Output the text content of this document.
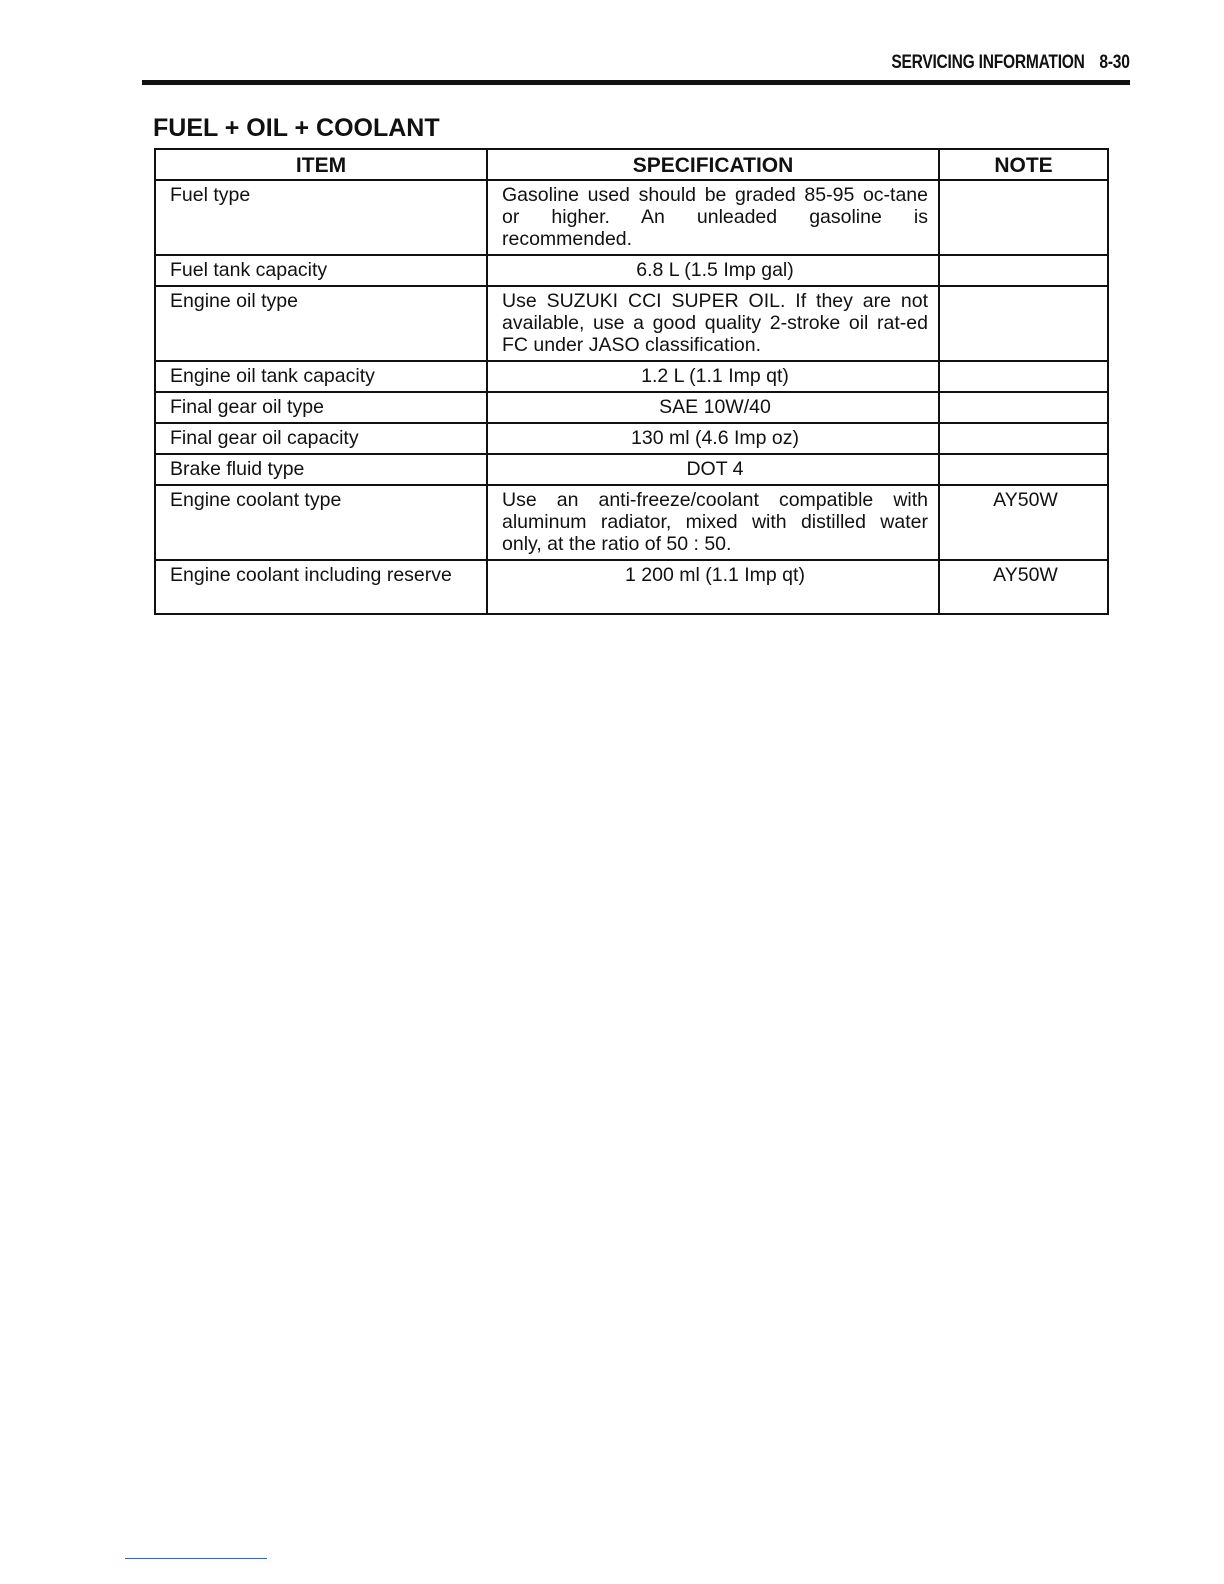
SERVICING INFORMATION 8-30
FUEL + OIL + COOLANT
ITEM	SPECIFICATION	NOTE
Fuel type	Gasoline used should be graded 85-95 oc-tane or higher. An unleaded gasoline is recommended.	
Fuel tank capacity	6.8 L (1.5 Imp gal)	
Engine oil type	Use SUZUKI CCI SUPER OIL. If they are not available, use a good quality 2-stroke oil rat-ed FC under JASO classification.	
Engine oil tank capacity	1.2 L (1.1 Imp qt)	
Final gear oil type	SAE 10W/40	
Final gear oil capacity	130 ml (4.6 Imp oz)	
Brake fluid type	DOT 4	
Engine coolant type	Use an anti-freeze/coolant compatible with aluminum radiator, mixed with distilled water only, at the ratio of 50 : 50.	AY50W
Engine coolant including reserve	1 200 ml (1.1 Imp qt)	AY50W
